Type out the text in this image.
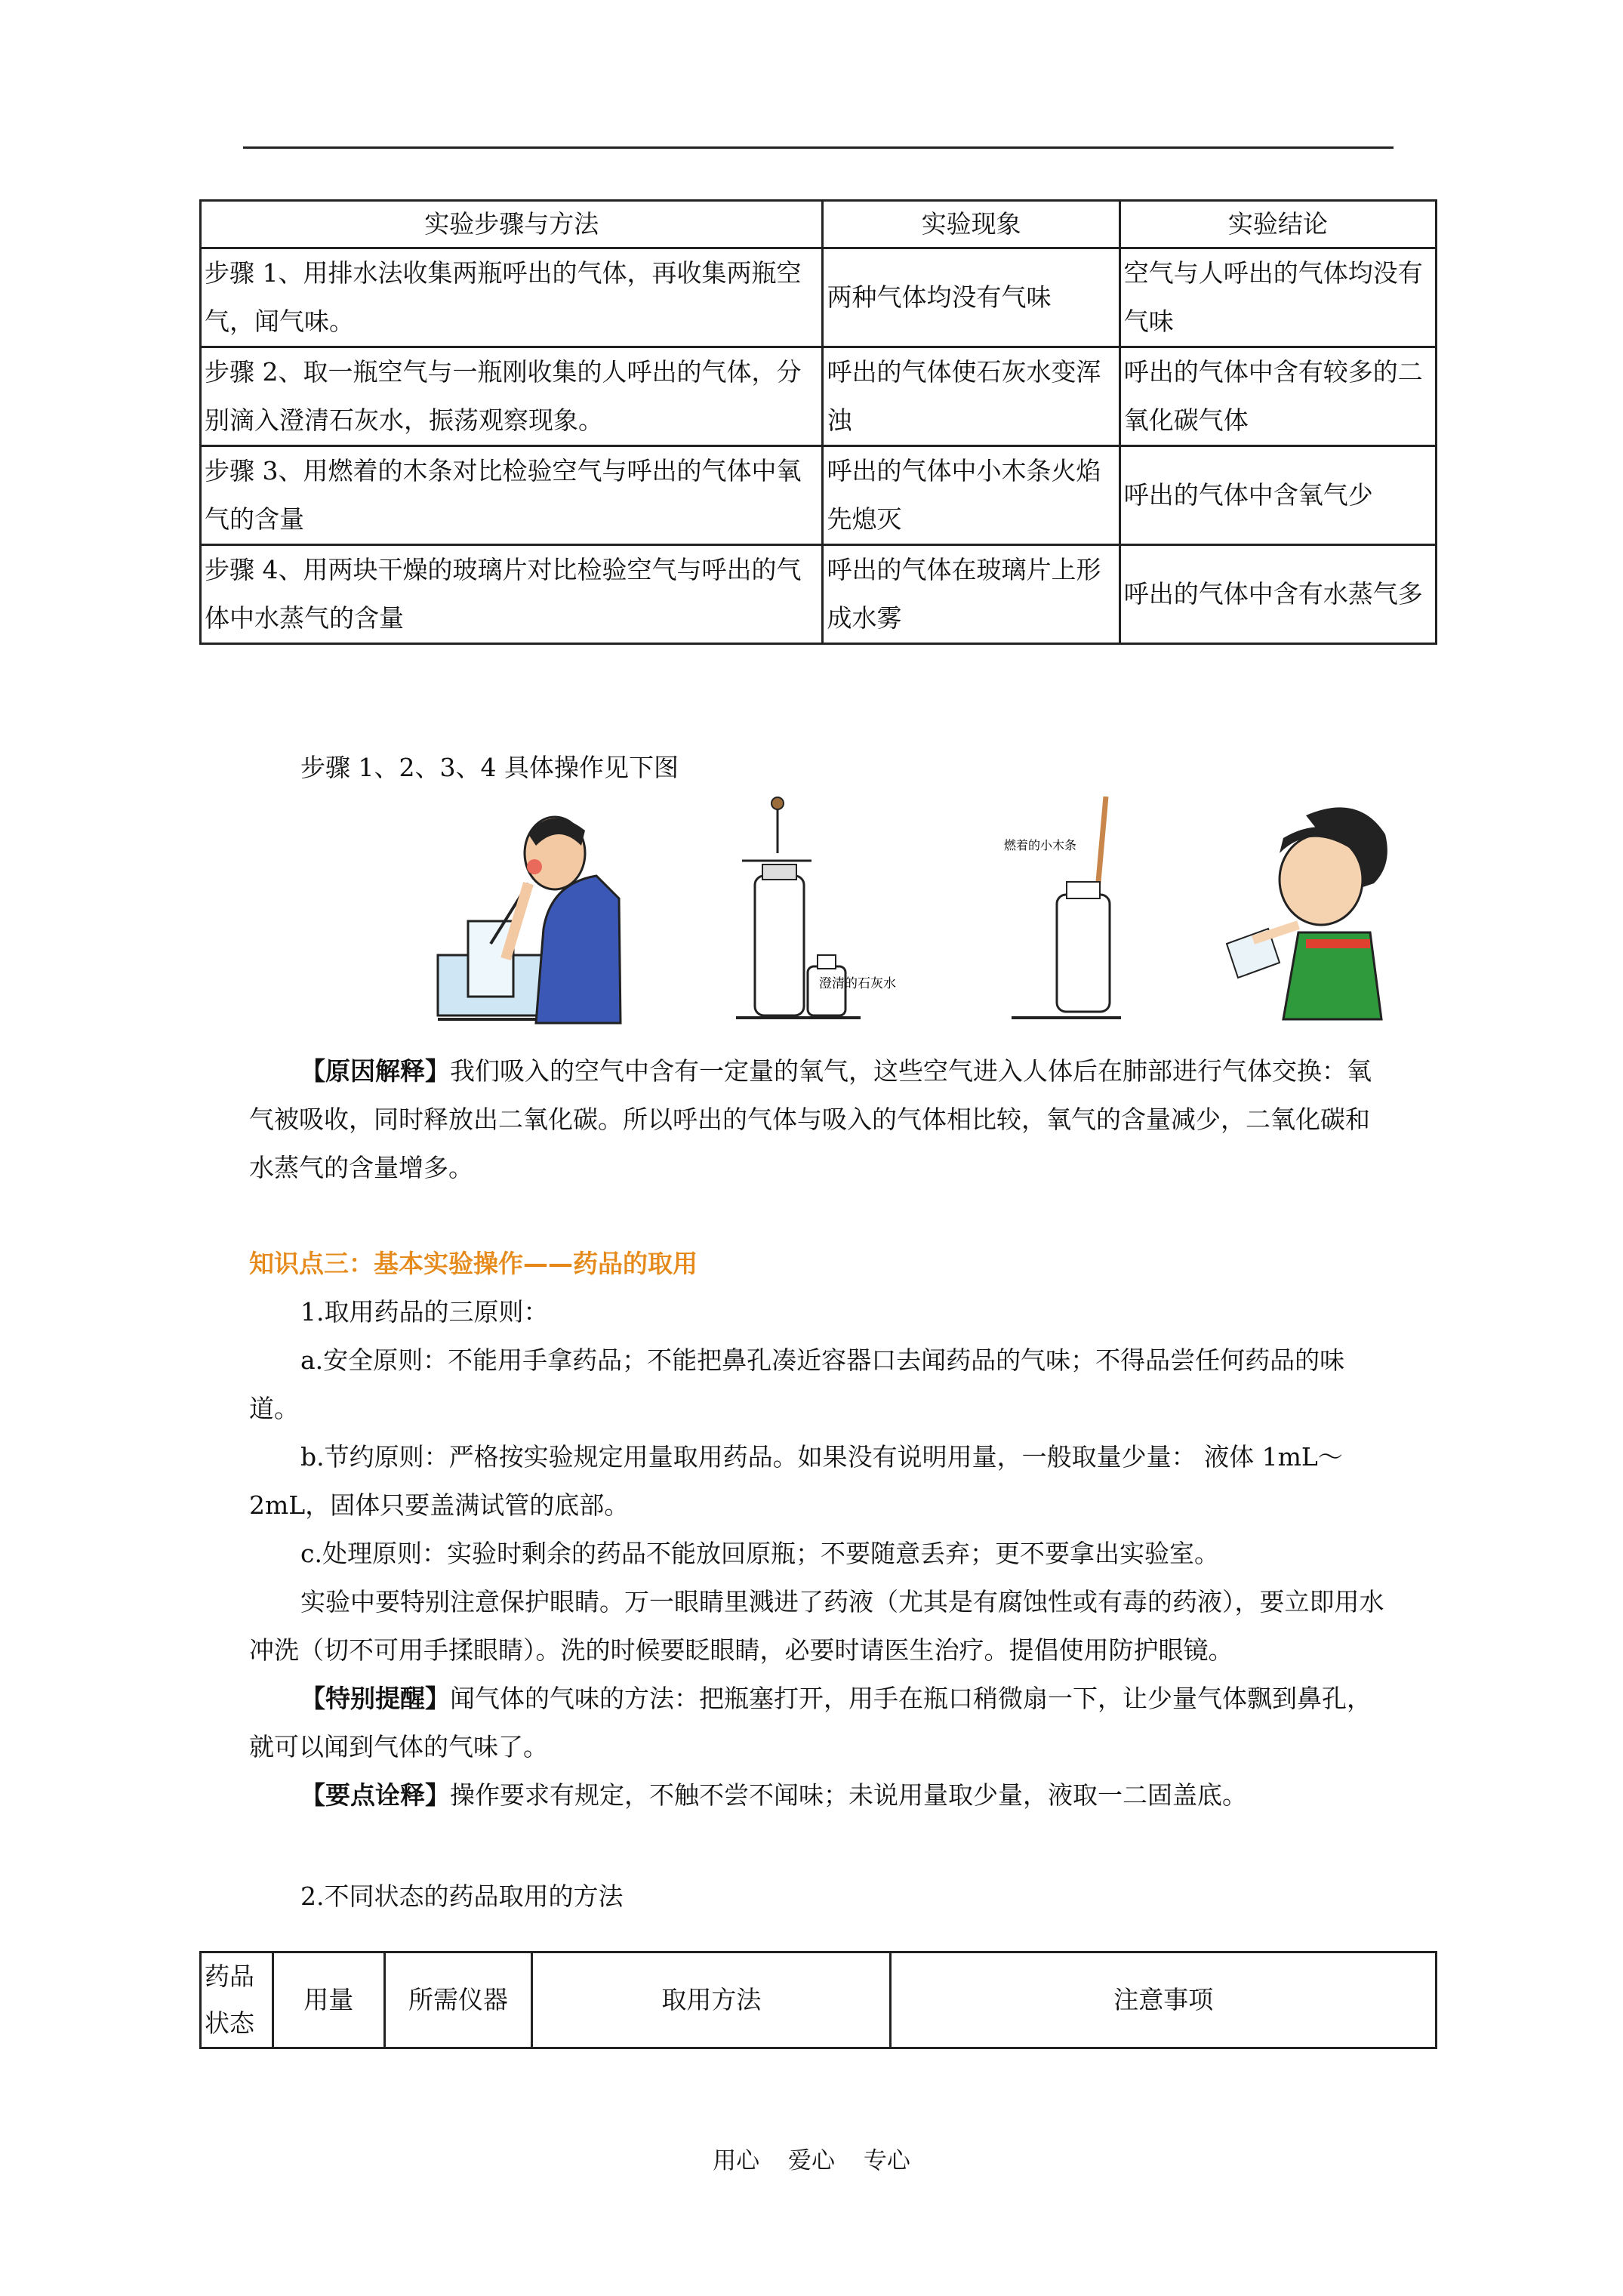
实验步骤与方法	实验现象	实验结论
步骤 1、用排水法收集两瓶呼出的气体，再收集两瓶空气，闻气味。	两种气体均没有气味	空气与人呼出的气体均没有气味
步骤 2、取一瓶空气与一瓶刚收集的人呼出的气体，分别滴入澄清石灰水，振荡观察现象。	呼出的气体使石灰水变浑浊	呼出的气体中含有较多的二氧化碳气体
步骤 3、用燃着的木条对比检验空气与呼出的气体中氧气的含量	呼出的气体中小木条火焰先熄灭	呼出的气体中含氧气少
步骤 4、用两块干燥的玻璃片对比检验空气与呼出的气体中水蒸气的含量	呼出的气体在玻璃片上形成水雾	呼出的气体中含有水蒸气多
步骤 1、2、3、4 具体操作见下图
澄清的石灰水
燃着的小木条
【原因解释】我们吸入的空气中含有一定量的氧气，这些空气进入人体后在肺部进行气体交换：氧气被吸收，同时释放出二氧化碳。所以呼出的气体与吸入的气体相比较，氧气的含量减少，二氧化碳和水蒸气的含量增多。
知识点三：基本实验操作——药品的取用
1.取用药品的三原则：
a.安全原则：不能用手拿药品；不能把鼻孔凑近容器口去闻药品的气味；不得品尝任何药品的味道。
b.节约原则：严格按实验规定用量取用药品。如果没有说明用量，一般取量少量： 液体 1mL～2mL，固体只要盖满试管的底部。
c.处理原则：实验时剩余的药品不能放回原瓶；不要随意丢弃；更不要拿出实验室。
实验中要特别注意保护眼睛。万一眼睛里溅进了药液（尤其是有腐蚀性或有毒的药液），要立即用水冲洗（切不可用手揉眼睛）。洗的时候要眨眼睛，必要时请医生治疗。提倡使用防护眼镜。
【特别提醒】闻气体的气味的方法：把瓶塞打开，用手在瓶口稍微扇一下，让少量气体飘到鼻孔，就可以闻到气体的气味了。
【要点诠释】操作要求有规定，不触不尝不闻味；未说用量取少量，液取一二固盖底。
2.不同状态的药品取用的方法
药品状态	用量	所需仪器	取用方法	注意事项
用心 爱心 专心
